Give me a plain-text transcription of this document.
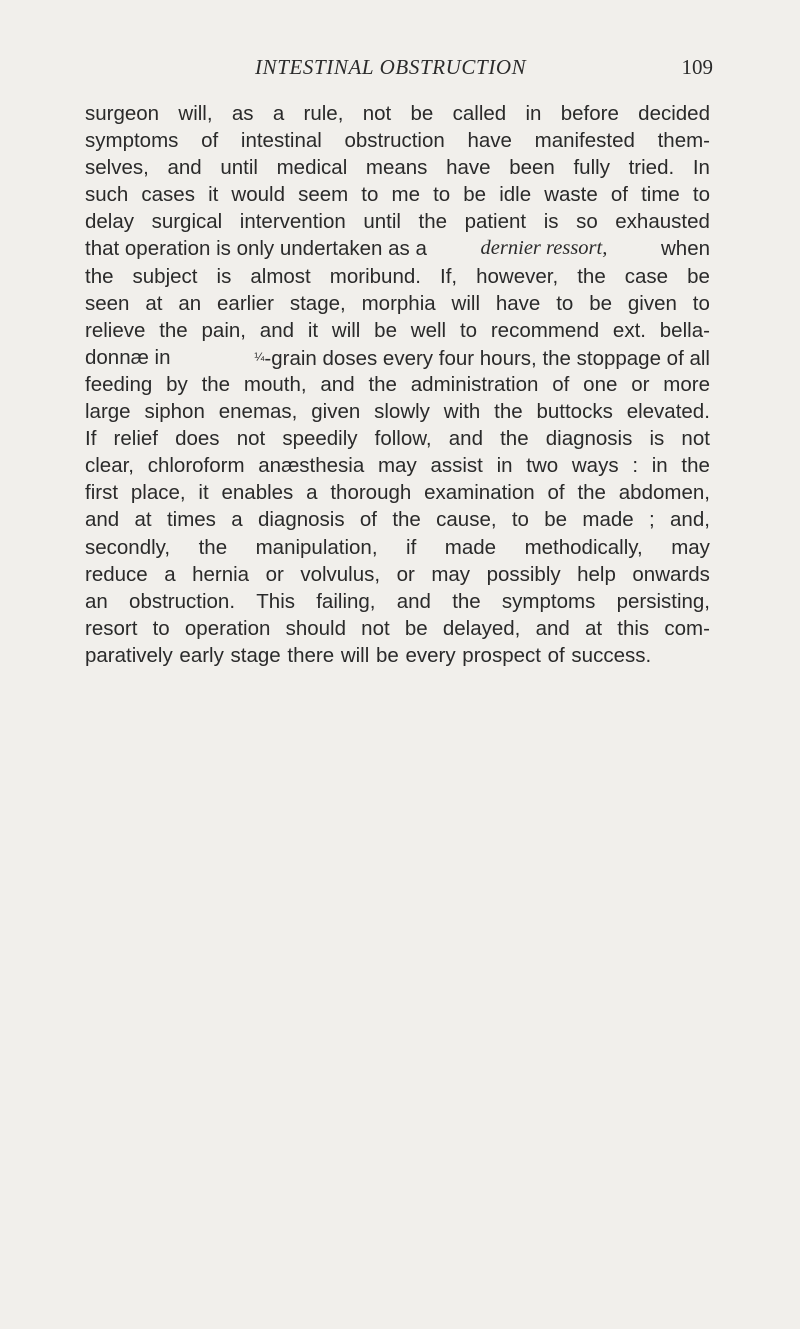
INTESTINAL OBSTRUCTION	109
surgeon will, as a rule, not be called in before decided
symptoms of intestinal obstruction have manifested them-
selves, and until medical means have been fully tried. In
such cases it would seem to me to be idle waste of time to
delay surgical intervention until the patient is so exhausted
that operation is only undertaken as a	dernier ressort,	when
the subject is almost moribund. If, however, the case be
seen at an earlier stage, morphia will have to be given to
relieve the pain, and it will be well to recommend ext. bella-
donnæ in	¼-grain doses every four hours, the stoppage of all
feeding by the mouth, and the administration of one or more
large siphon enemas, given slowly with the buttocks elevated.
If relief does not speedily follow, and the diagnosis is not
clear, chloroform anæsthesia may assist in two ways : in the
first place, it enables a thorough examination of the abdomen,
and at times a diagnosis of the cause, to be made ; and,
secondly, the manipulation, if made methodically, may
reduce a hernia or volvulus, or may possibly help onwards
an obstruction. This failing, and the symptoms persisting,
resort to operation should not be delayed, and at this com-
paratively early stage there will be every prospect of success.
